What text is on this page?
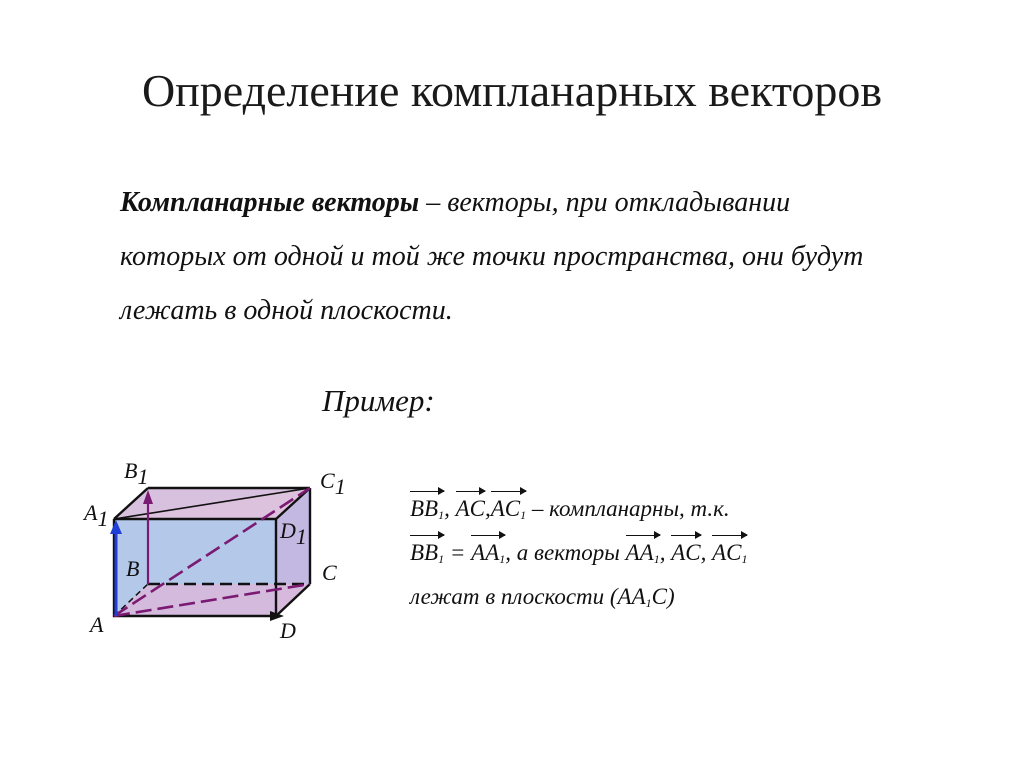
Определение компланарных векторов

Компланарные векторы – векторы, при откладывании которых от одной и той же точки пространства, они будут лежать в одной плоскости.

Пример:

B1	C1
A1	D1
B	C
A	D
$BB_1$, AC,
$AC_1$ – компланарны, т.к.
$BB_1$ =
$AA_1$, а векторы
$AA_1$,
AC,
$AC_1$
лежат в плоскости $(AA_1C)$
